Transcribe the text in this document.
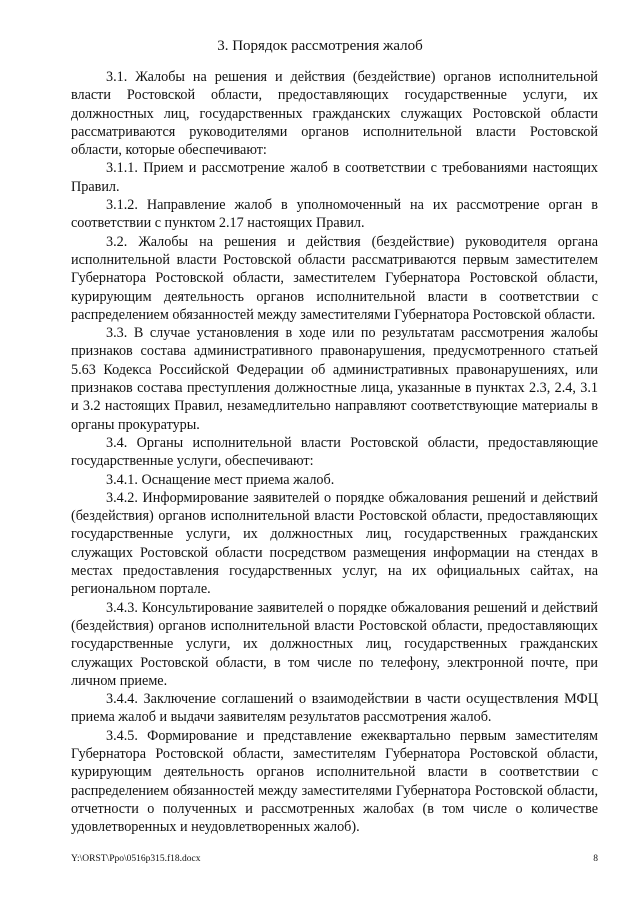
3. Порядок рассмотрения жалоб

3.1. Жалобы на решения и действия (бездействие) органов исполнительной власти Ростовской области, предоставляющих государственные услуги, их должностных лиц, государственных гражданских служащих Ростовской области рассматриваются руководителями органов исполнительной власти Ростовской области, которые обеспечивают:

3.1.1. Прием и рассмотрение жалоб в соответствии с требованиями настоящих Правил.

3.1.2. Направление жалоб в уполномоченный на их рассмотрение орган в соответствии с пунктом 2.17 настоящих Правил.

3.2. Жалобы на решения и действия (бездействие) руководителя органа исполнительной власти Ростовской области рассматриваются первым заместителем Губернатора Ростовской области, заместителем Губернатора Ростовской области, курирующим деятельность органов исполнительной власти в соответствии с распределением обязанностей между заместителями Губернатора Ростовской области.

3.3. В случае установления в ходе или по результатам рассмотрения жалобы признаков состава административного правонарушения, предусмотренного статьей 5.63 Кодекса Российской Федерации об административных правонарушениях, или признаков состава преступления должностные лица, указанные в пунктах 2.3, 2.4, 3.1 и 3.2 настоящих Правил, незамедлительно направляют соответствующие материалы в органы прокуратуры.

3.4. Органы исполнительной власти Ростовской области, предоставляющие государственные услуги, обеспечивают:

3.4.1. Оснащение мест приема жалоб.

3.4.2. Информирование заявителей о порядке обжалования решений и действий (бездействия) органов исполнительной власти Ростовской области, предоставляющих государственные услуги, их должностных лиц, государственных гражданских служащих Ростовской области посредством размещения информации на стендах в местах предоставления государственных услуг, на их официальных сайтах, на региональном портале.

3.4.3. Консультирование заявителей о порядке обжалования решений и действий (бездействия) органов исполнительной власти Ростовской области, предоставляющих государственные услуги, их должностных лиц, государственных гражданских служащих Ростовской области, в том числе по телефону, электронной почте, при личном приеме.

3.4.4. Заключение соглашений о взаимодействии в части осуществления МФЦ приема жалоб и выдачи заявителям результатов рассмотрения жалоб.

3.4.5. Формирование и представление ежеквартально первым заместителям Губернатора Ростовской области, заместителям Губернатора Ростовской области, курирующим деятельность органов исполнительной власти в соответствии с распределением обязанностей между заместителями Губернатора Ростовской области, отчетности о полученных и рассмотренных жалобах (в том числе о количестве удовлетворенных и неудовлетворенных жалоб).

Y:\ORST\Ppo\0516p315.f18.docx	8
